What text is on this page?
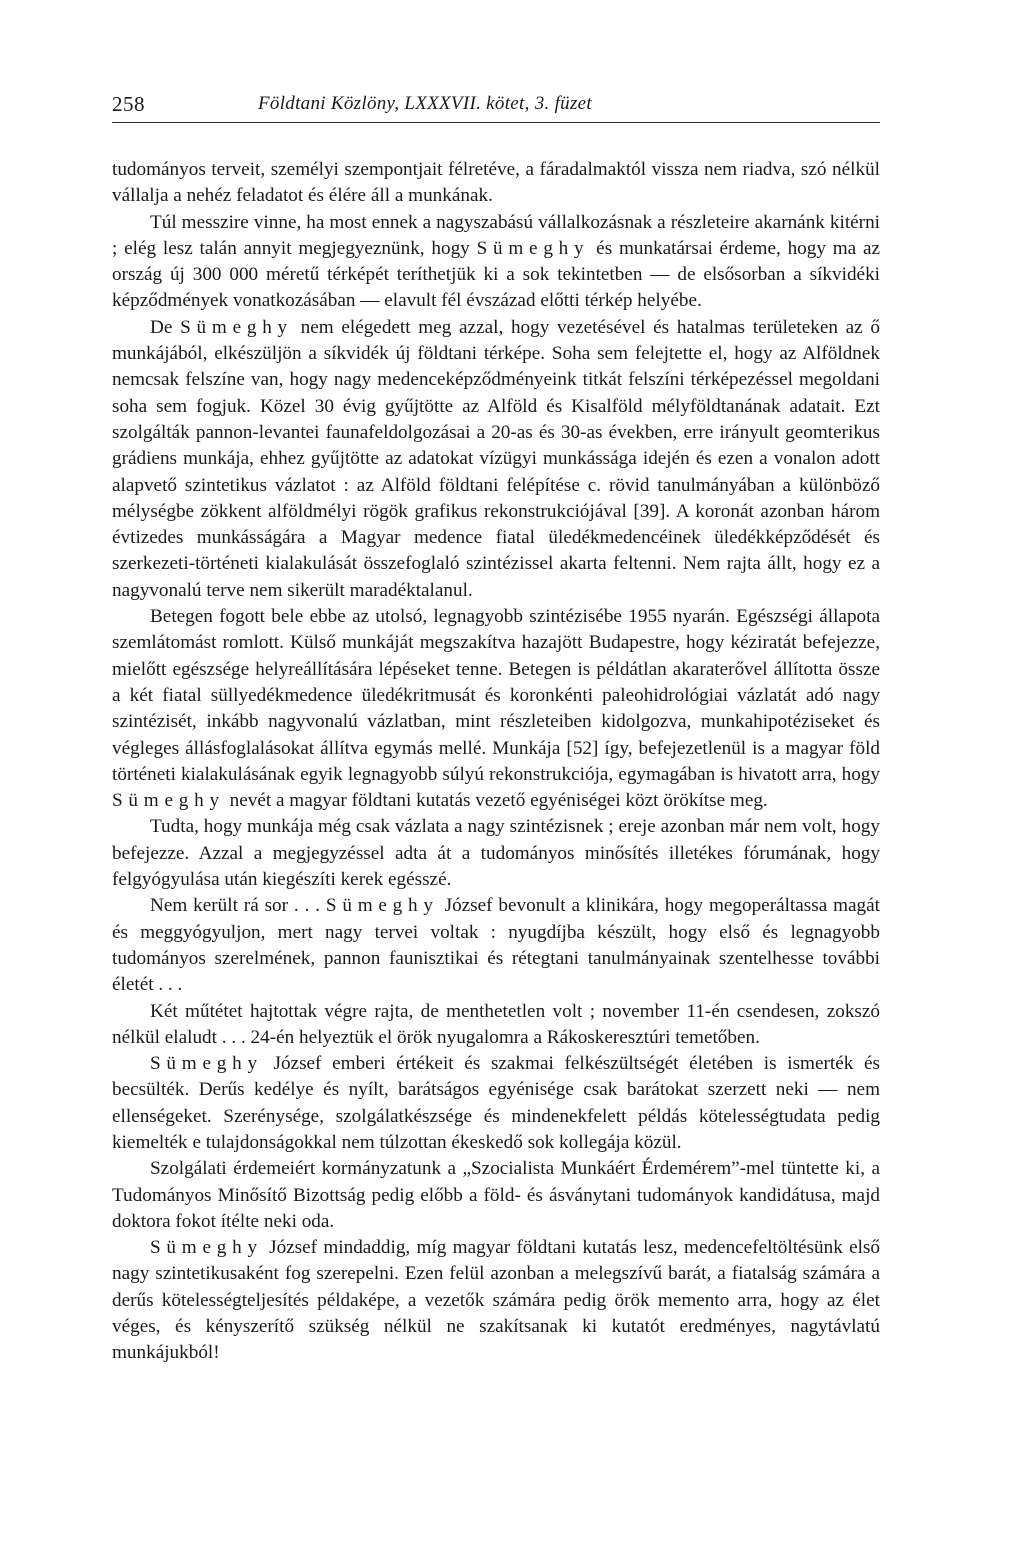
258	Földtani Közlöny, LXXXVII. kötet, 3. füzet

tudományos terveit, személyi szempontjait félretéve, a fáradalmaktól vissza nem riadva, szó nélkül vállalja a nehéz feladatot és élére áll a munkának.

Túl messzire vinne, ha most ennek a nagyszabású vállalkozásnak a részleteire akarnánk kitérni ; elég lesz talán annyit megjegyeznünk, hogy Sümeghy és munkatársai érdeme, hogy ma az ország új 300 000 méretű térképét teríthetjük ki a sok tekintetben — de elsősorban a síkvidéki képződmények vonatkozásában — elavult fél évszázad előtti térkép helyébe.

De Sümeghy nem elégedett meg azzal, hogy vezetésével és hatalmas területeken az ő munkájából, elkészüljön a síkvidék új földtani térképe. Soha sem felejtette el, hogy az Alföldnek nemcsak felszíne van, hogy nagy medenceképződményeink titkát felszíni térképezéssel megoldani soha sem fogjuk. Közel 30 évig gyűjtötte az Alföld és Kisalföld mélyföldtanának adatait. Ezt szolgálták pannon-levantei faunafeldolgozásai a 20-as és 30-as években, erre irányult geomterikus grádiens munkája, ehhez gyűjtötte az adatokat vízügyi munkássága idején és ezen a vonalon adott alapvető szintetikus vázlatot : az Alföld földtani felépítése c. rövid tanulmányában a különböző mélységbe zökkent alföldmélyi rögök grafikus rekonstrukciójával [39]. A koronát azonban három évtizedes munkásságára a Magyar medence fiatal üledékmedencéinek üledékképződését és szerkezeti-történeti kialakulását összefoglaló szintézissel akarta feltenni. Nem rajta állt, hogy ez a nagyvonalú terve nem sikerült maradéktalanul.

Betegen fogott bele ebbe az utolsó, legnagyobb szintézisébe 1955 nyarán. Egészségi állapota szemlátomást romlott. Külső munkáját megszakítva hazajött Budapestre, hogy kéziratát befejezze, mielőtt egészsége helyreállítására lépéseket tenne. Betegen is példátlan akaraterővel állította össze a két fiatal süllyedékmedence üledékritmusát és koronkénti paleohidrológiai vázlatát adó nagy szintézisét, inkább nagyvonalú vázlatban, mint részleteiben kidolgozva, munkahipotéziseket és végleges állásfoglalásokat állítva egymás mellé. Munkája [52] így, befejezetlenül is a magyar föld történeti kialakulásának egyik legnagyobb súlyú rekonstrukciója, egymagában is hivatott arra, hogy Sümeghy nevét a magyar földtani kutatás vezető egyéniségei közt örökítse meg.

Tudta, hogy munkája még csak vázlata a nagy szintézisnek ; ereje azonban már nem volt, hogy befejezze. Azzal a megjegyzéssel adta át a tudományos minősítés illetékes fórumának, hogy felgyógyulása után kiegészíti kerek egésszé.

Nem került rá sor . . . Sümeghy József bevonult a klinikára, hogy megoperáltassa magát és meggyógyuljon, mert nagy tervei voltak : nyugdíjba készült, hogy első és legnagyobb tudományos szerelmének, pannon faunisztikai és rétegtani tanulmányainak szentelhesse további életét . . .

Két műtétet hajtottak végre rajta, de menthetetlen volt ; november 11-én csendesen, zokszó nélkül elaludt . . . 24-én helyeztük el örök nyugalomra a Rákoskeresztúri temetőben.

Sümeghy József emberi értékeit és szakmai felkészültségét életében is ismerték és becsülték. Derűs kedélye és nyílt, barátságos egyénisége csak barátokat szerzett neki — nem ellenségeket. Szerénysége, szolgálatkészsége és mindenekfelett példás kötelességtudata pedig kiemelték e tulajdonságokkal nem túlzottan ékeskedő sok kollegája közül.

Szolgálati érdemeiért kormányzatunk a „Szocialista Munkáért Érdemérem”-mel tüntette ki, a Tudományos Minősítő Bizottság pedig előbb a föld- és ásványtani tudományok kandidátusa, majd doktora fokot ítélte neki oda.

Sümeghy József mindaddig, míg magyar földtani kutatás lesz, medencefeltöltésünk első nagy szintetikusaként fog szerepelni. Ezen felül azonban a melegszívű barát, a fiatalság számára a derűs kötelességteljesítés példaképe, a vezetők számára pedig örök memento arra, hogy az élet véges, és kényszerítő szükség nélkül ne szakítsanak ki kutatót eredményes, nagytávlatú munkájukból!
